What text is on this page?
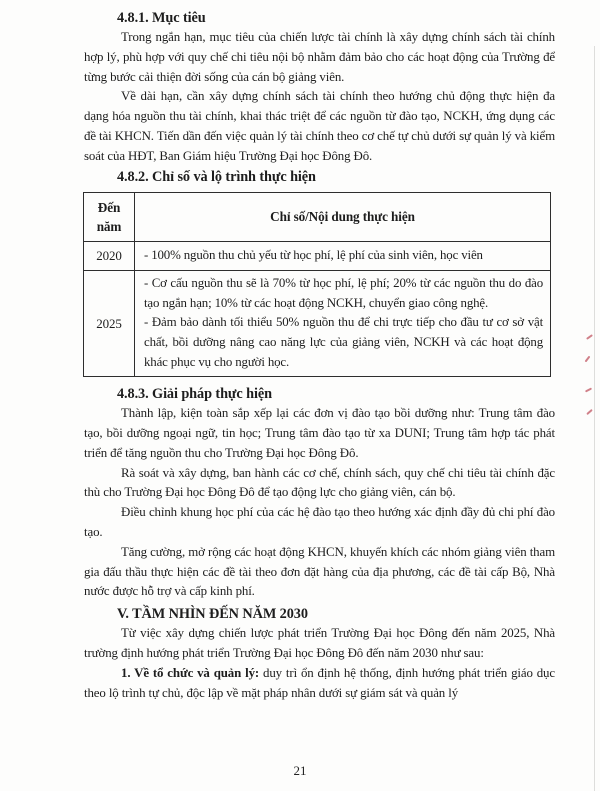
4.8.1. Mục tiêu

Trong ngắn hạn, mục tiêu của chiến lược tài chính là xây dựng chính sách tài chính hợp lý, phù hợp với quy chế chi tiêu nội bộ nhằm đảm bảo cho các hoạt động của Trường để từng bước cải thiện đời sống của cán bộ giảng viên.

Về dài hạn, cần xây dựng chính sách tài chính theo hướng chủ động thực hiện đa dạng hóa nguồn thu tài chính, khai thác triệt để các nguồn từ đào tạo, NCKH, ứng dụng các đề tài KHCN. Tiến dần đến việc quản lý tài chính theo cơ chế tự chủ dưới sự quản lý và kiểm soát của HĐT, Ban Giám hiệu Trường Đại học Đông Đô.

4.8.2. Chỉ số và lộ trình thực hiện
Đến năm	Chỉ số/Nội dung thực hiện
2020	- 100% nguồn thu chủ yếu từ học phí, lệ phí của sinh viên, học viên

2025	- Cơ cấu nguồn thu sẽ là 70% từ học phí, lệ phí; 20% từ các nguồn thu do đào tạo ngắn hạn; 10% từ các hoạt động NCKH, chuyển giao công nghệ.

- Đảm bảo dành tối thiểu 50% nguồn thu để chi trực tiếp cho đầu tư cơ sở vật chất, bồi dưỡng nâng cao năng lực của giảng viên, NCKH và các hoạt động khác phục vụ cho người học.

4.8.3. Giải pháp thực hiện

Thành lập, kiện toàn sắp xếp lại các đơn vị đào tạo bồi dưỡng như: Trung tâm đào tạo, bồi dưỡng ngoại ngữ, tin học; Trung tâm đào tạo từ xa DUNI; Trung tâm hợp tác phát triển để tăng nguồn thu cho Trường Đại học Đông Đô.

Rà soát và xây dựng, ban hành các cơ chế, chính sách, quy chế chi tiêu tài chính đặc thù cho Trường Đại học Đông Đô để tạo động lực cho giảng viên, cán bộ.

Điều chỉnh khung học phí của các hệ đào tạo theo hướng xác định đầy đủ chi phí đào tạo.

Tăng cường, mở rộng các hoạt động KHCN, khuyến khích các nhóm giảng viên tham gia đấu thầu thực hiện các đề tài theo đơn đặt hàng của địa phương, các đề tài cấp Bộ, Nhà nước được hỗ trợ và cấp kinh phí.

V. TẦM NHÌN ĐẾN NĂM 2030

Từ việc xây dựng chiến lược phát triển Trường Đại học Đông đến năm 2025, Nhà trường định hướng phát triển Trường Đại học Đông Đô đến năm 2030 như sau:

1. Về tổ chức và quản lý: duy trì ổn định hệ thống, định hướng phát triển giáo dục theo lộ trình tự chủ, độc lập về mặt pháp nhân dưới sự giám sát và quản lý

21
